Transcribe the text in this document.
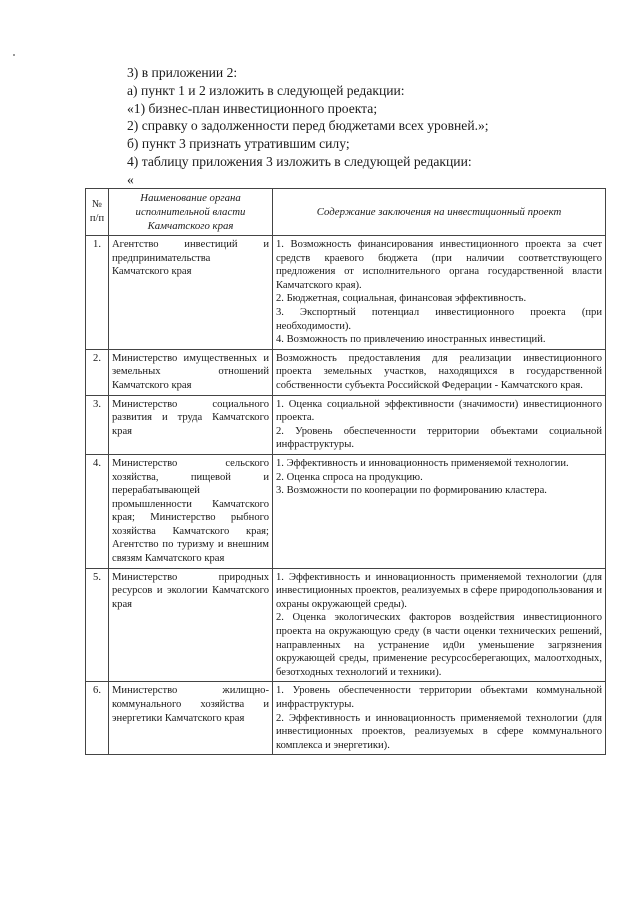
3) в приложении 2:
а) пункт 1 и 2 изложить в следующей редакции:
«1) бизнес-план инвестиционного проекта;
2) справку о задолженности перед бюджетами всех уровней.»;
б) пункт 3 признать утратившим силу;
4) таблицу приложения 3 изложить в следующей редакции:
«
№ п/п	Наименование органа исполнительной власти Камчатского края	Содержание заключения на инвестиционный проект
1.	Агентство инвестиций и предпринимательства Камчатского края	1. Возможность финансирования инвестиционного проекта за счет средств краевого бюджета (при наличии соответствующего предложения от исполнительного органа государственной власти Камчатского края).
2. Бюджетная, социальная, финансовая эффективность.
3. Экспортный потенциал инвестиционного проекта (при необходимости).
4. Возможность по привлечению иностранных инвестиций.

2.	Министерство имущественных и земельных отношений Камчатского края	Возможность предоставления для реализации инвестиционного проекта земельных участков, находящихся в государственной собственности субъекта Российской Федерации - Камчатского края.

3.	Министерство социального развития и труда Камчатского края	1. Оценка социальной эффективности (значимости) инвестиционного проекта.
2. Уровень обеспеченности территории объектами социальной инфраструктуры.

4.	Министерство сельского хозяйства, пищевой и перерабатывающей промышленности Камчатского края; Министерство рыбного хозяйства Камчатского края; Агентство по туризму и внешним связям Камчатского края	1. Эффективность и инновационность применяемой технологии.
2. Оценка спроса на продукцию.
3. Возможности по кооперации по формированию кластера.

5.	Министерство природных ресурсов и экологии Камчатского края	1. Эффективность и инновационность применяемой технологии (для инвестиционных проектов, реализуемых в сфере природопользования и охраны окружающей среды).
2. Оценка экологических факторов воздействия инвестиционного проекта на окружающую среду (в части оценки технических решений, направленных на устранение ид0и уменьшение загрязнения окружающей среды, применение ресурсосберегающих, малоотходных, безотходных технологий и техники).

6.	Министерство жилищно-коммунального хозяйства и энергетики Камчатского края	1. Уровень обеспеченности территории объектами коммунальной инфраструктуры.
2. Эффективность и инновационность применяемой технологии (для инвестиционных проектов, реализуемых в сфере коммунального комплекса и энергетики).
